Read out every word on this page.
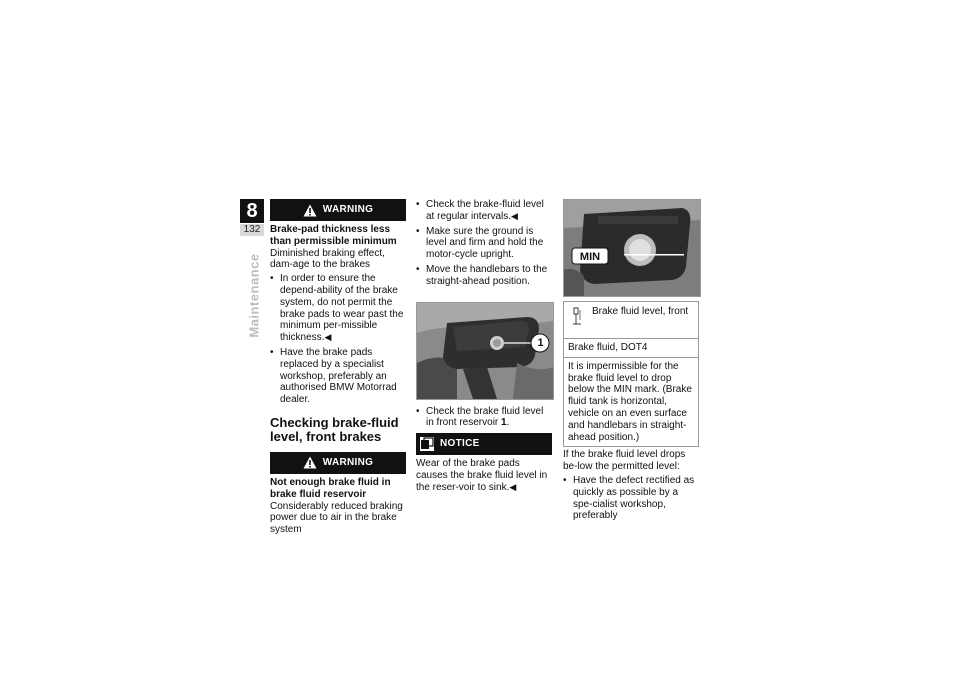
8
132
Maintenance
WARNING
Brake-pad thickness less than permissible minimum

Diminished braking effect, dam-age to the brakes

• In order to ensure the depend-ability of the brake system, do not permit the brake pads to wear past the minimum per-missible thickness.◀
• Have the brake pads replaced by a specialist workshop, preferably an authorised BMW Motorrad dealer.
Checking brake-fluid level, front brakes
WARNING
Not enough brake fluid in brake fluid reservoir

Considerably reduced braking power due to air in the brake system

• Check the brake-fluid level at regular intervals.◀
• Make sure the ground is level and firm and hold the motor-cycle upright.
• Move the handlebars to the straight-ahead position.
1
• Check the brake fluid level in front reservoir 1.
NOTICE

Wear of the brake pads causes the brake fluid level in the reser-voir to sink.◀

MIN
Brake fluid level, front
Brake fluid, DOT4
It is impermissible for the brake fluid level to drop below the MIN mark. (Brake fluid tank is horizontal, vehicle on an even surface and handlebars in straight-ahead position.)

If the brake fluid level drops be-low the permitted level:

• Have the defect rectified as quickly as possible by a spe-cialist workshop, preferably
